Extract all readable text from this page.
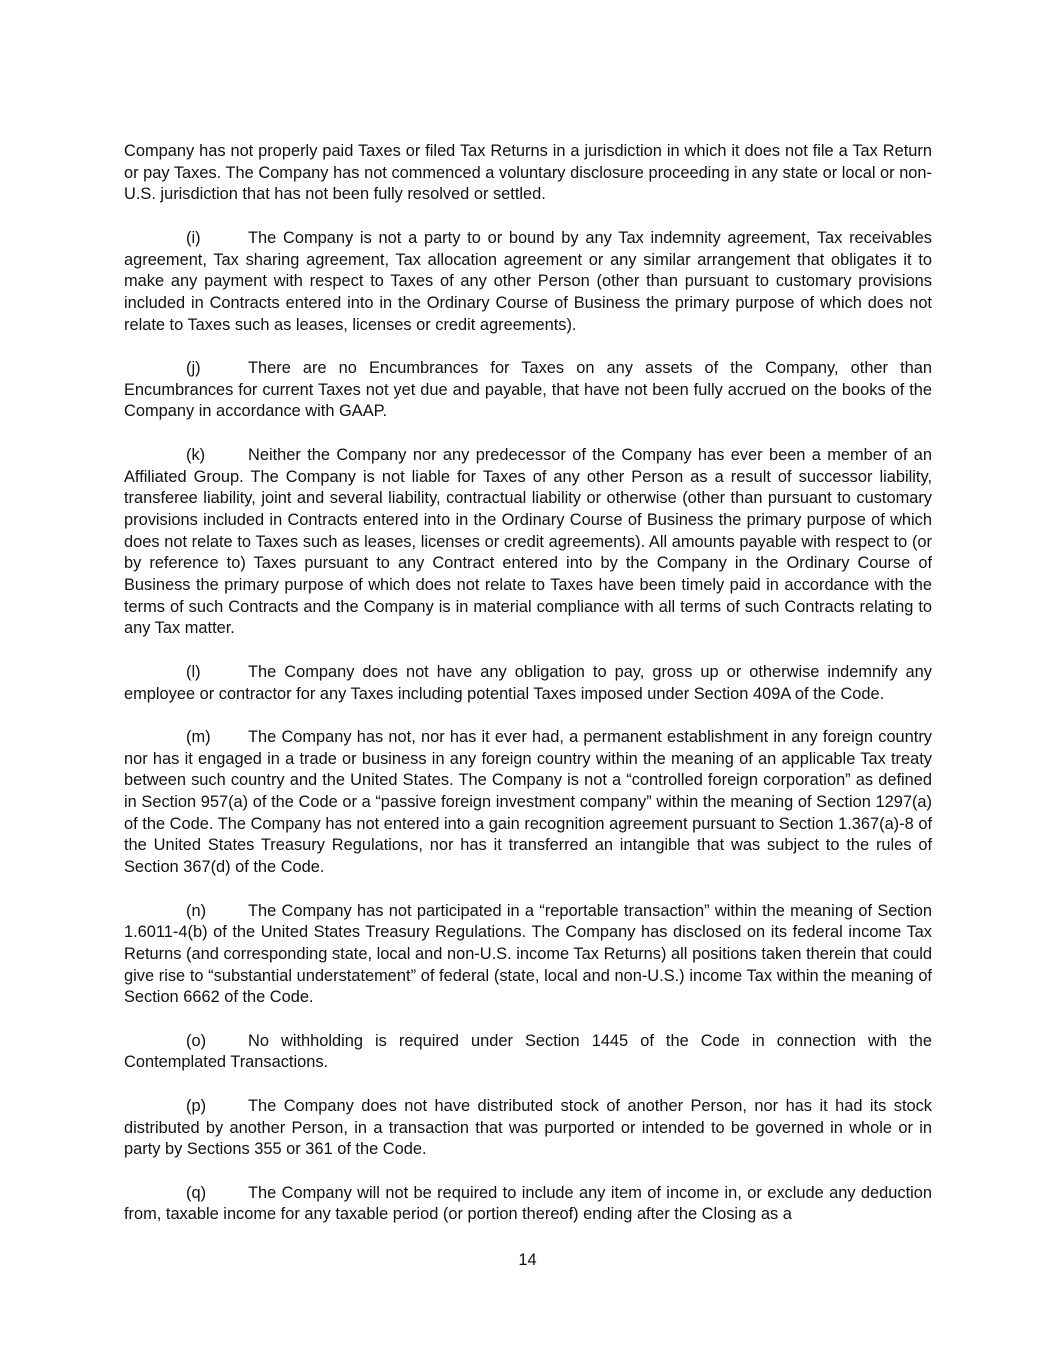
Company has not properly paid Taxes or filed Tax Returns in a jurisdiction in which it does not file a Tax Return or pay Taxes. The Company has not commenced a voluntary disclosure proceeding in any state or local or non-U.S. jurisdiction that has not been fully resolved or settled.

(i)	The Company is not a party to or bound by any Tax indemnity agreement, Tax receivables agreement, Tax sharing agreement, Tax allocation agreement or any similar arrangement that obligates it to make any payment with respect to Taxes of any other Person (other than pursuant to customary provisions included in Contracts entered into in the Ordinary Course of Business the primary purpose of which does not relate to Taxes such as leases, licenses or credit agreements).

(j)	There are no Encumbrances for Taxes on any assets of the Company, other than Encumbrances for current Taxes not yet due and payable, that have not been fully accrued on the books of the Company in accordance with GAAP.

(k)	Neither the Company nor any predecessor of the Company has ever been a member of an Affiliated Group. The Company is not liable for Taxes of any other Person as a result of successor liability, transferee liability, joint and several liability, contractual liability or otherwise (other than pursuant to customary provisions included in Contracts entered into in the Ordinary Course of Business the primary purpose of which does not relate to Taxes such as leases, licenses or credit agreements). All amounts payable with respect to (or by reference to) Taxes pursuant to any Contract entered into by the Company in the Ordinary Course of Business the primary purpose of which does not relate to Taxes have been timely paid in accordance with the terms of such Contracts and the Company is in material compliance with all terms of such Contracts relating to any Tax matter.

(l)	The Company does not have any obligation to pay, gross up or otherwise indemnify any employee or contractor for any Taxes including potential Taxes imposed under Section 409A of the Code.

(m) The Company has not, nor has it ever had, a permanent establishment in any foreign country nor has it engaged in a trade or business in any foreign country within the meaning of an applicable Tax treaty between such country and the United States. The Company is not a “controlled foreign corporation” as defined in Section 957(a) of the Code or a “passive foreign investment company” within the meaning of Section 1297(a) of the Code. The Company has not entered into a gain recognition agreement pursuant to Section 1.367(a)-8 of the United States Treasury Regulations, nor has it transferred an intangible that was subject to the rules of Section 367(d) of the Code.

(n)	The Company has not participated in a “reportable transaction” within the meaning of Section 1.6011-4(b) of the United States Treasury Regulations. The Company has disclosed on its federal income Tax Returns (and corresponding state, local and non-U.S. income Tax Returns) all positions taken therein that could give rise to “substantial understatement” of federal (state, local and non-U.S.) income Tax within the meaning of Section 6662 of the Code.

(o)	No withholding is required under Section 1445 of the Code in connection with the Contemplated Transactions.

(p)	The Company does not have distributed stock of another Person, nor has it had its stock distributed by another Person, in a transaction that was purported or intended to be governed in whole or in party by Sections 355 or 361 of the Code.

(q)	The Company will not be required to include any item of income in, or exclude any deduction from, taxable income for any taxable period (or portion thereof) ending after the Closing as a

14
